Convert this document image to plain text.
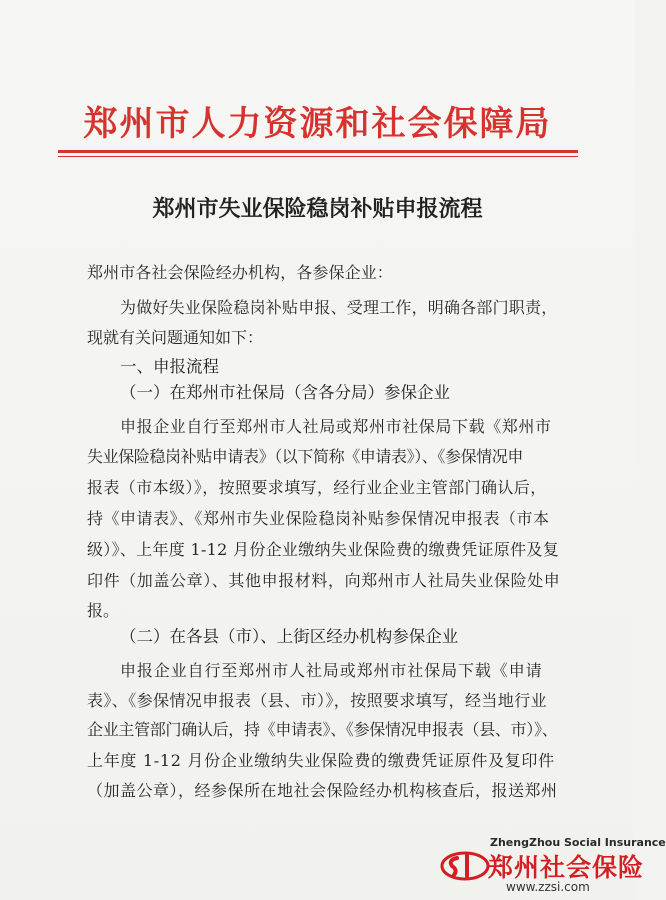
郑州市人力资源和社会保障局
郑州市失业保险稳岗补贴申报流程
郑州市各社会保险经办机构，各参保企业：
为做好失业保险稳岗补贴申报、受理工作，明确各部门职责，
现就有关问题通知如下：
一、申报流程
（一）在郑州市社保局（含各分局）参保企业
申报企业自行至郑州市人社局或郑州市社保局下载《郑州市
失业保险稳岗补贴申请表》（以下简称《申请表》）、《参保情况申
报表（市本级）》，按照要求填写，经行业企业主管部门确认后，
持《申请表》、《郑州市失业保险稳岗补贴参保情况申报表（市本
级）》、上年度 1-12 月份企业缴纳失业保险费的缴费凭证原件及复
印件（加盖公章）、其他申报材料，向郑州市人社局失业保险处申
报。
（二）在各县（市）、上街区经办机构参保企业
申报企业自行至郑州市人社局或郑州市社保局下载《申请
表》、《参保情况申报表（县、市）》，按照要求填写，经当地行业
企业主管部门确认后，持《申请表》、《参保情况申报表（县、市）》、
上年度 1-12 月份企业缴纳失业保险费的缴费凭证原件及复印件
（加盖公章），经参保所在地社会保险经办机构核查后，报送郑州
ZhengZhou Social Insurance
郑州社会保险
www.zzsi.com
